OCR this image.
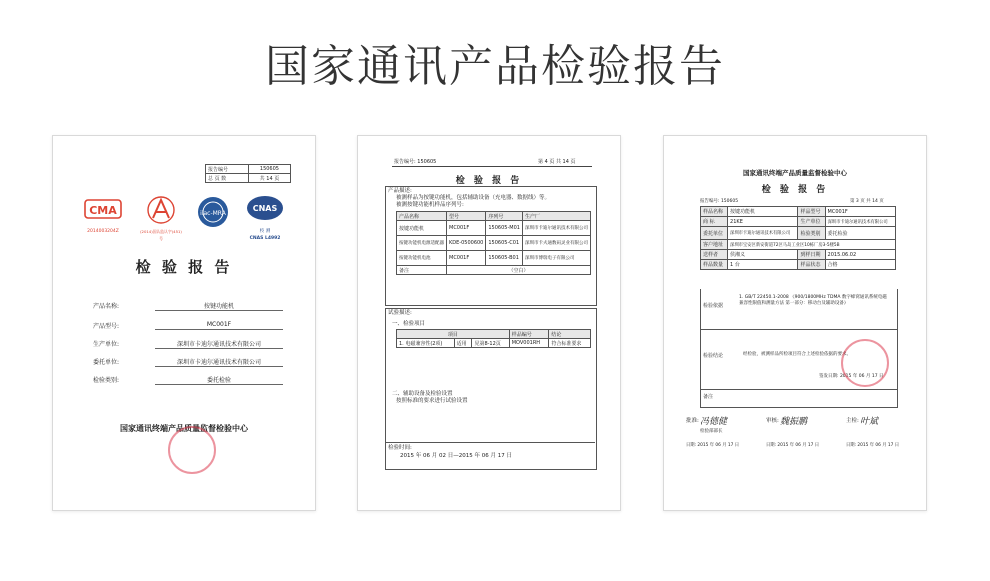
国家通讯产品检验报告
报告编号	150605
总 页 数	共 14 页
CMA
2014003204Z	(2014)国认监认字(451)号
ilac-MRA
CNAS
校 测
CNAS L4992
检 验 报 告
产品名称:	按键功能机
产品型号:	MC001F
生产单位:	深圳市卡迪尔通讯技术有限公司
委托单位:	深圳市卡迪尔通讯技术有限公司
检验类别:	委托检验
国家通讯终端产品质量监督检验中心
报告编号: 150605	第 4 页 共 14 页
检 验 报 告
产品描述:
被测样品为按键功能机，包括辅助设备（充电器、数据线）等。
被测按键功能机样品序列号:
产品名称	型号	序列号	生产厂
按键功能机	MC001F	150605-M01	深圳市卡迪尔通讯技术有限公司
按键功能机电源适配器	KDE-0500600	150605-C01	深圳市卡夫通数码灵业有限公司
按键功能机电池	MC001F	150605-B01	深圳市博瑞电子有限公司
备注	（空白）		
试验描述:
一、检验项目
项目			样品编号	结论
1. 电磁兼容性(2项)	适用	见第8-12页	MOV001RH	符合标准要求
二、辅助设备及检验设置
按照标准的要求进行试验设置
检验时间:
2015 年 06 月 02 日—2015 年 06 月 17 日
国家通讯终端产品质量监督检验中心
检 验 报 告
报告编号: 150605	第 3 页 共 14 页
样品名称	按键功能机	样品型号	MC001F
商 标	21KE	生产单位	深圳市卡迪尔通讯技术有限公司
委托单位	深圳市卡迪尔通讯技术有限公司	检验类别	委托检验
客户地址	深圳市宝安区新安街道72区马岛工业区10栋厂房3-5楼5B		
送样者	侯湘义	到样日期	2015.06.02
样品数量	1 台	样品状态	合格
检验依据
1. GB/T 22450.1-2008 《900/1800MHz TDMA 数字蜂窝通讯系统电磁兼容性限值和测量方法 第一部分：移动台及辅助设备》
检验结论	经检验，被测样品所检项目符合上述检验依据的要求。
签发日期: 2015 年 06 月 17 日
备注
批准: 冯德健	审核: 魏振鹏	主检: 叶斌
检验部部长
日期: 2015 年 06 月 17 日	日期: 2015 年 06 月 17 日	日期: 2015 年 06 月 17 日
